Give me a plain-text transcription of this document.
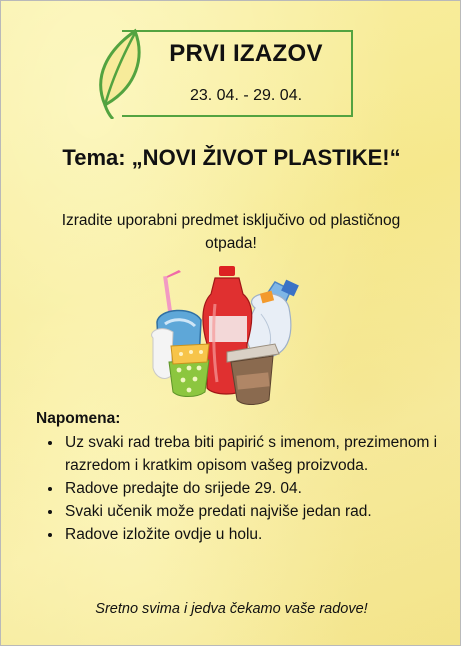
PRVI IZAZOV
23. 04. - 29. 04.
Tema: „NOVI ŽIVOT PLASTIKE!“
Izradite uporabni predmet isključivo od plastičnog otpada!
Napomena:
• Uz svaki rad treba biti papirić s imenom, prezimenom i razredom i kratkim opisom vašeg proizvoda.
• Radove predajte do srijede 29. 04.
• Svaki učenik može predati najviše jedan rad.
• Radove izložite ovdje u holu.
Sretno svima i jedva čekamo vaše radove!
